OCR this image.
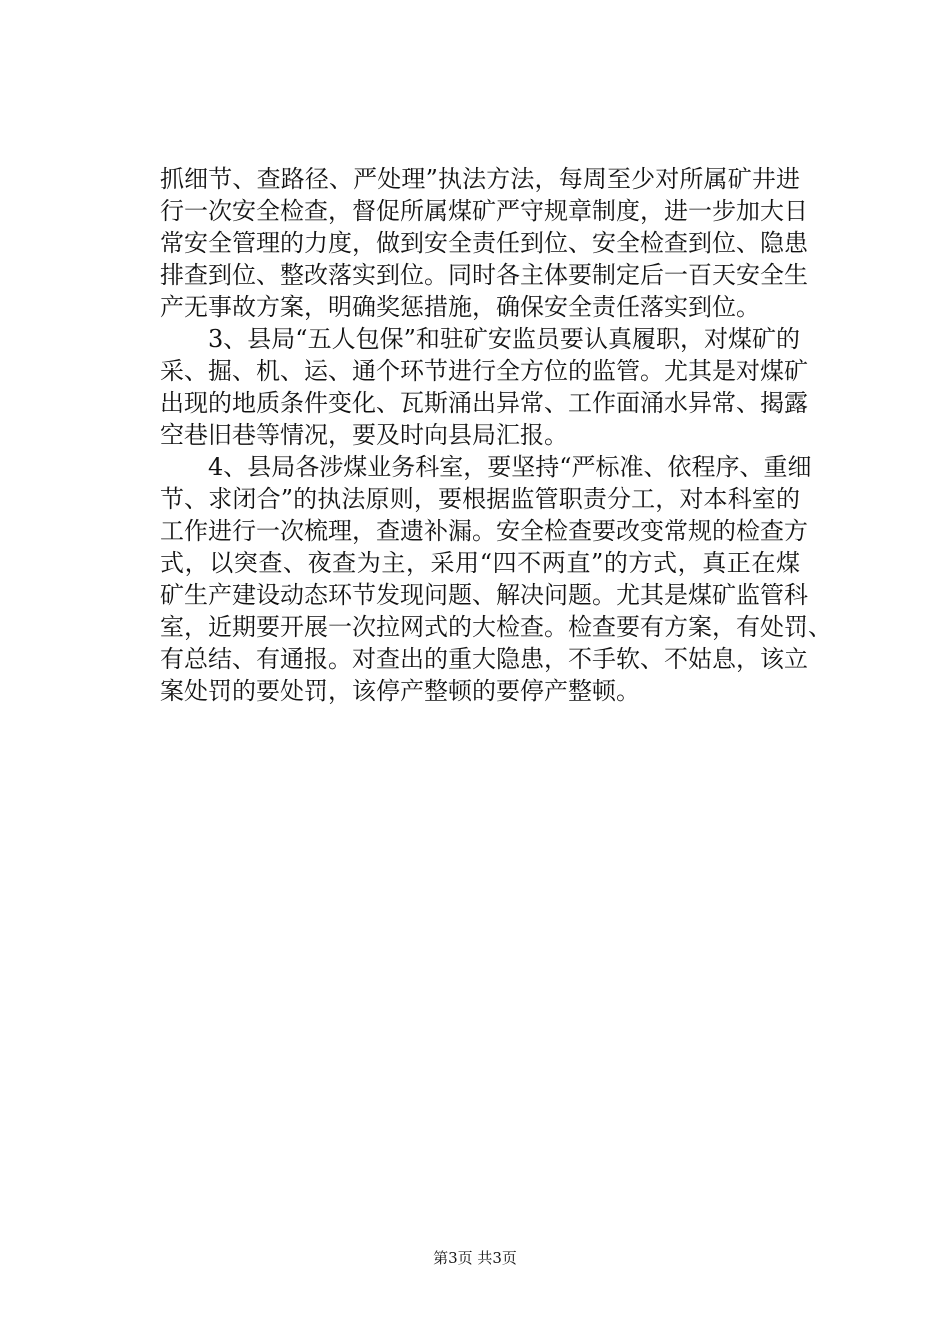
抓细节、查路径、严处理”执法方法，每周至少对所属矿井进
行一次安全检查，督促所属煤矿严守规章制度，进一步加大日
常安全管理的力度，做到安全责任到位、安全检查到位、隐患
排查到位、整改落实到位。同时各主体要制定后一百天安全生
产无事故方案，明确奖惩措施，确保安全责任落实到位。
　　3、县局“五人包保”和驻矿安监员要认真履职，对煤矿的
采、掘、机、运、通个环节进行全方位的监管。尤其是对煤矿
出现的地质条件变化、瓦斯涌出异常、工作面涌水异常、揭露
空巷旧巷等情况，要及时向县局汇报。
　　4、县局各涉煤业务科室，要坚持“严标准、依程序、重细
节、求闭合”的执法原则，要根据监管职责分工，对本科室的
工作进行一次梳理，查遗补漏。安全检查要改变常规的检查方
式，以突查、夜查为主，采用“四不两直”的方式，真正在煤
矿生产建设动态环节发现问题、解决问题。尤其是煤矿监管科
室，近期要开展一次拉网式的大检查。检查要有方案，有处罚、
有总结、有通报。对查出的重大隐患，不手软、不姑息，该立
案处罚的要处罚，该停产整顿的要停产整顿。
第3页 共3页
